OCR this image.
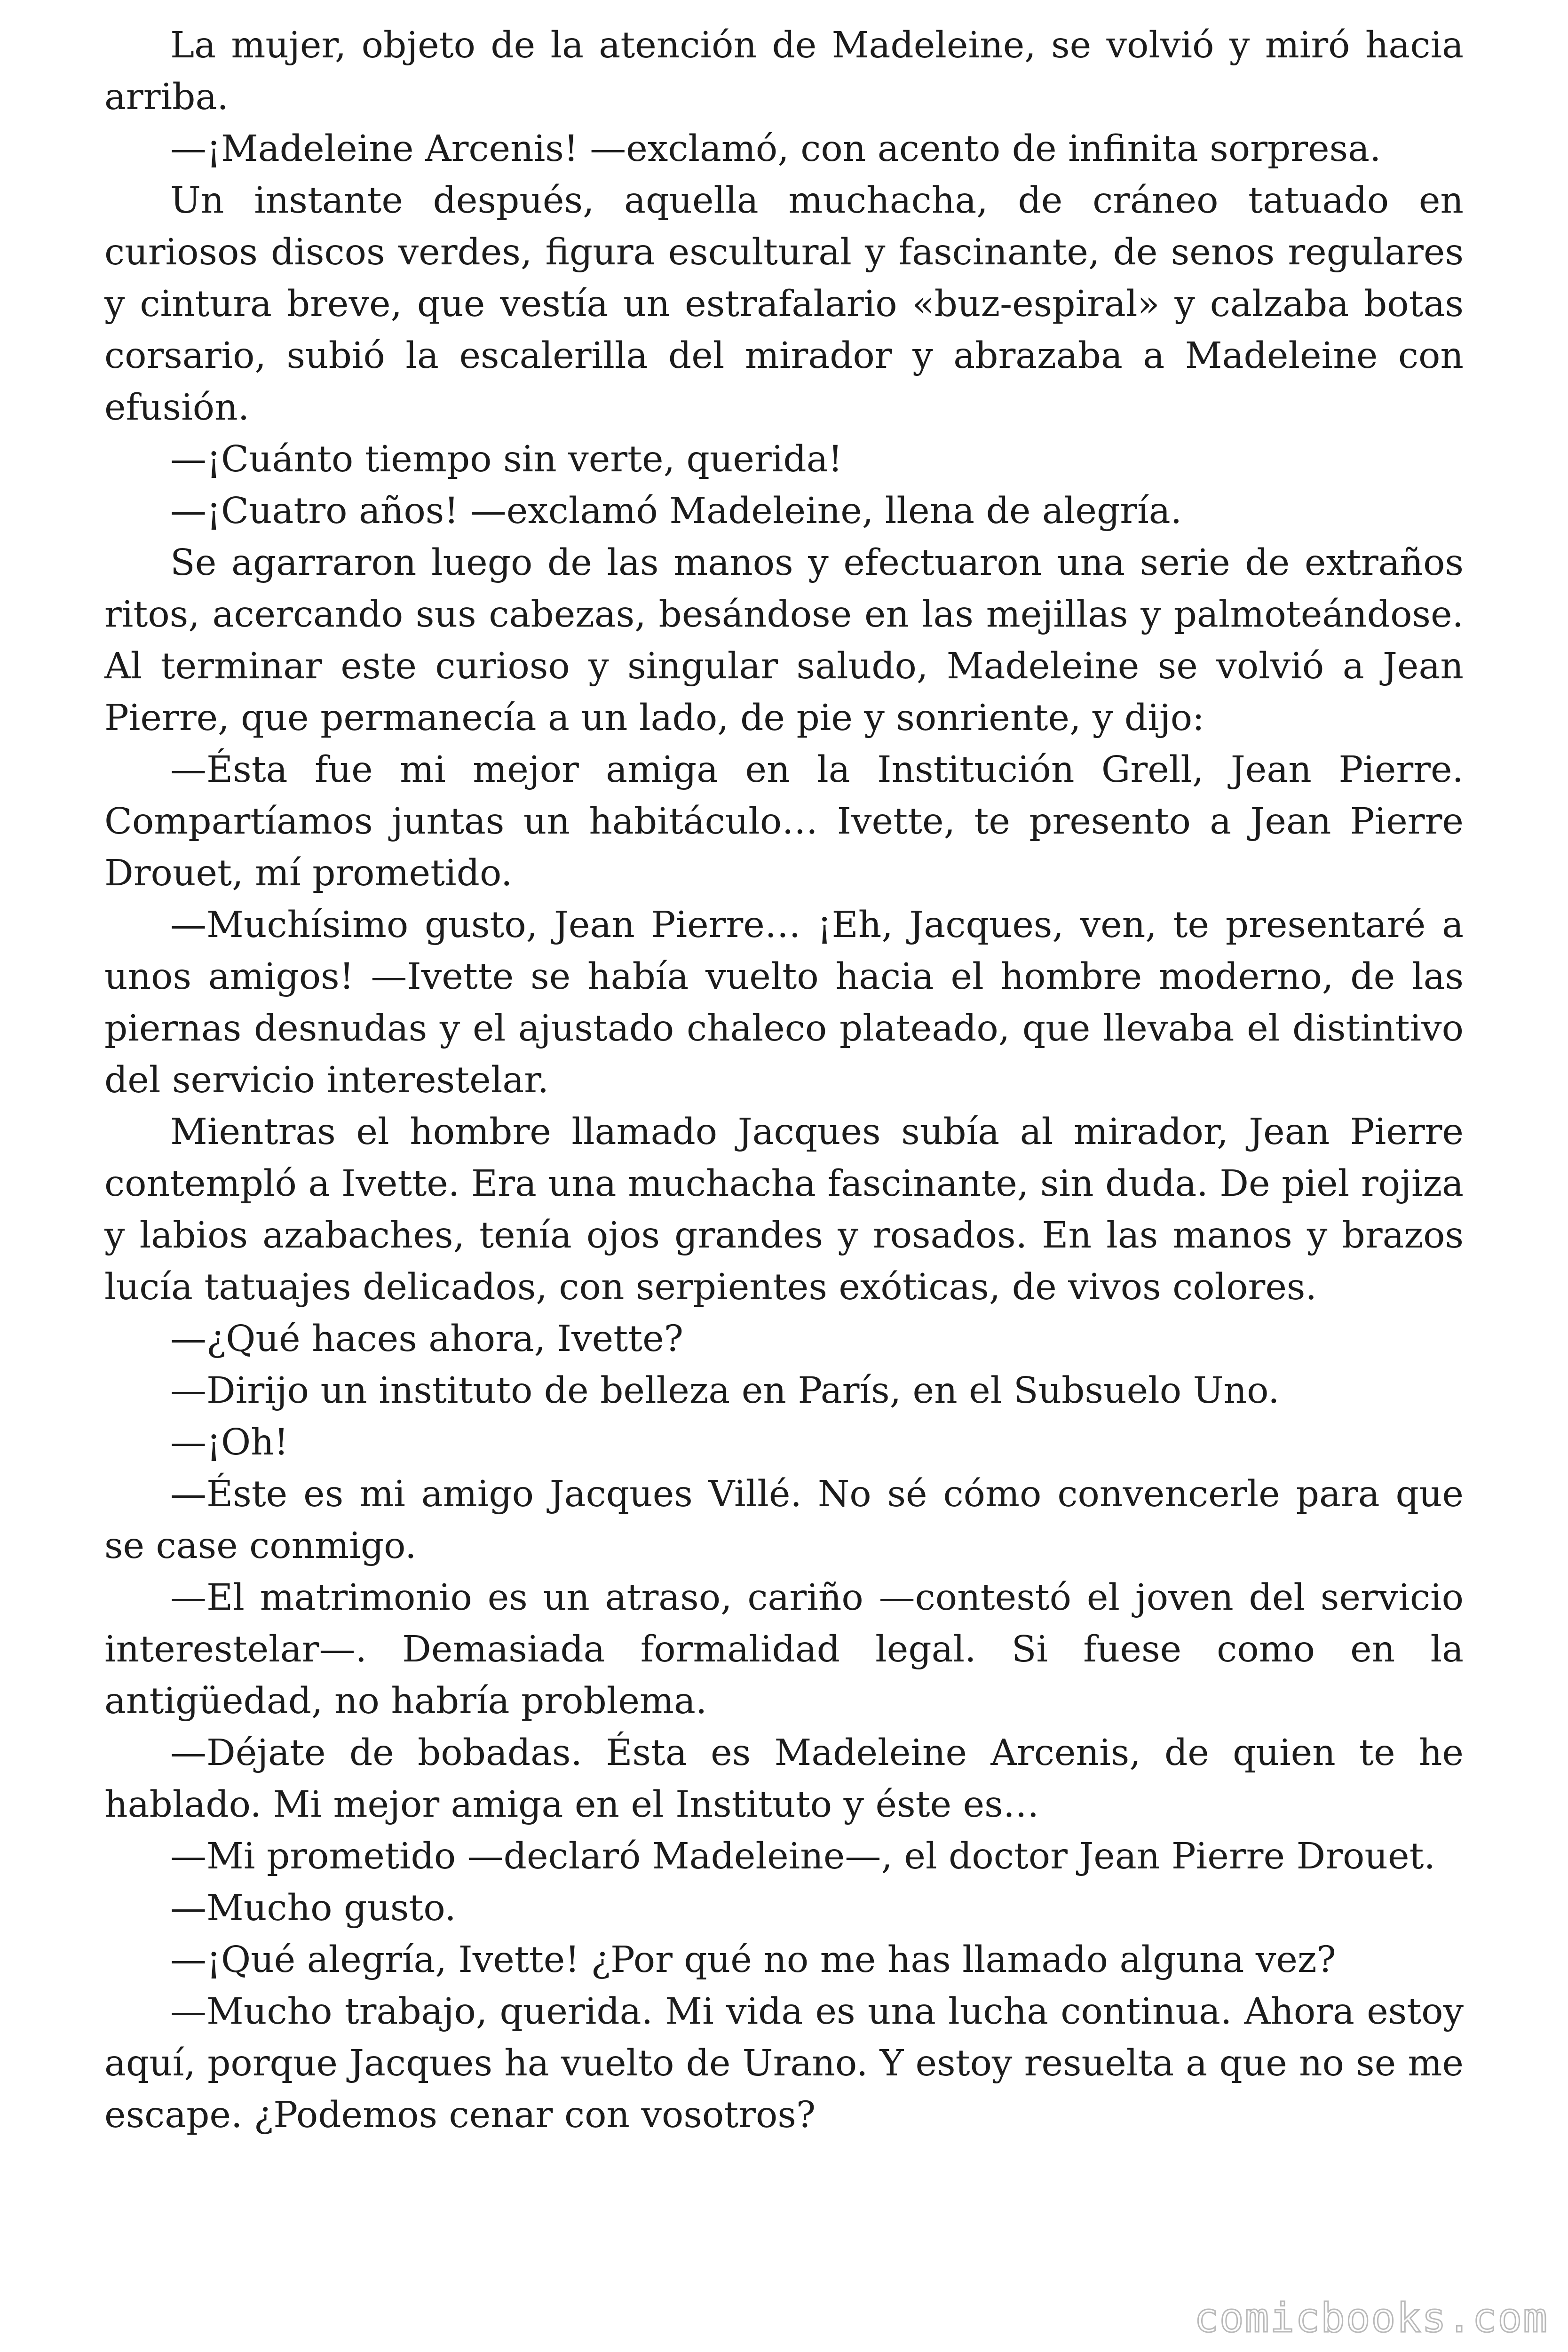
La mujer, objeto de la atención de Madeleine, se volvió y miró hacia arriba.

—¡Madeleine Arcenis! —exclamó, con acento de infinita sorpresa.

Un instante después, aquella muchacha, de cráneo tatuado en curiosos discos verdes, figura escultural y fascinante, de senos regulares y cintura breve, que vestía un estrafalario «buz-espiral» y calzaba botas corsario, subió la escalerilla del mirador y abrazaba a Madeleine con efusión.

—¡Cuánto tiempo sin verte, querida!

—¡Cuatro años! —exclamó Madeleine, llena de alegría.

Se agarraron luego de las manos y efectuaron una serie de extraños ritos, acercando sus cabezas, besándose en las mejillas y palmoteándose. Al terminar este curioso y singular saludo, Madeleine se volvió a Jean Pierre, que permanecía a un lado, de pie y sonriente, y dijo:

—Ésta fue mi mejor amiga en la Institución Grell, Jean Pierre. Compartíamos juntas un habitáculo… Ivette, te presento a Jean Pierre Drouet, mí prometido.

—Muchísimo gusto, Jean Pierre… ¡Eh, Jacques, ven, te presentaré a unos amigos! —Ivette se había vuelto hacia el hombre moderno, de las piernas desnudas y el ajustado chaleco plateado, que llevaba el distintivo del servicio interestelar.

Mientras el hombre llamado Jacques subía al mirador, Jean Pierre contempló a Ivette. Era una muchacha fascinante, sin duda. De piel rojiza y labios azabaches, tenía ojos grandes y rosados. En las manos y brazos lucía tatuajes delicados, con serpientes exóticas, de vivos colores.

—¿Qué haces ahora, Ivette?

—Dirijo un instituto de belleza en París, en el Subsuelo Uno.

—¡Oh!

—Éste es mi amigo Jacques Villé. No sé cómo convencerle para que se case conmigo.

—El matrimonio es un atraso, cariño —contestó el joven del servicio interestelar—. Demasiada formalidad legal. Si fuese como en la antigüedad, no habría problema.

—Déjate de bobadas. Ésta es Madeleine Arcenis, de quien te he hablado. Mi mejor amiga en el Instituto y éste es…

—Mi prometido —declaró Madeleine—, el doctor Jean Pierre Drouet.

—Mucho gusto.

—¡Qué alegría, Ivette! ¿Por qué no me has llamado alguna vez?

—Mucho trabajo, querida. Mi vida es una lucha continua. Ahora estoy aquí, porque Jacques ha vuelto de Urano. Y estoy resuelta a que no se me escape. ¿Podemos cenar con vosotros?

comicbooks.com
